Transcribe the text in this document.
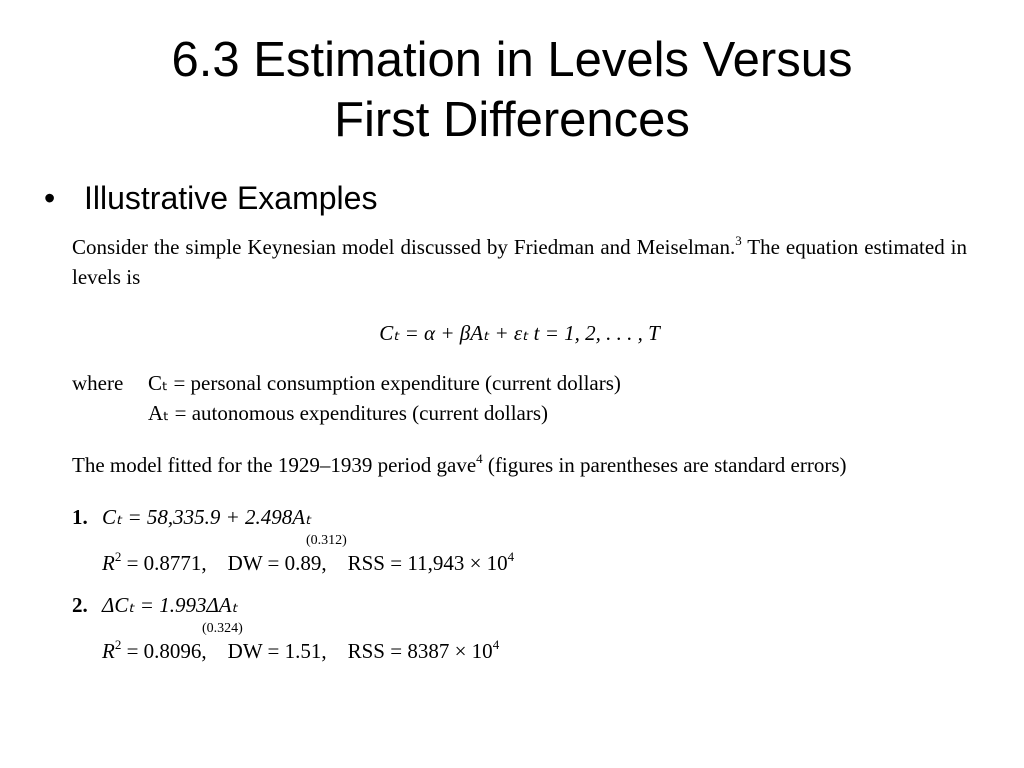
6.3 Estimation in Levels Versus
First Differences
• Illustrative Examples

Consider the simple Keynesian model discussed by Friedman and Meiselman.$^3$ The equation estimated in levels is

Cₜ = α + βAₜ + εₜ t = 1, 2, . . . , T

where Cₜ = personal consumption expenditure (current dollars)
Aₜ = autonomous expenditures (current dollars)

The model fitted for the 1929–1939 period gave$^4$ (figures in parentheses are standard errors)

1. Cₜ = 58,335.9 + 2.498Aₜ
(0.312)
$R^2 = 0.8771$,    DW = 0.89,    RSS = $11,943 \times 10^4$
2. ΔCₜ = 1.993ΔAₜ
(0.324)
$R^2 = 0.8096$,    DW = 1.51,    RSS = $8387 \times 10^4$
